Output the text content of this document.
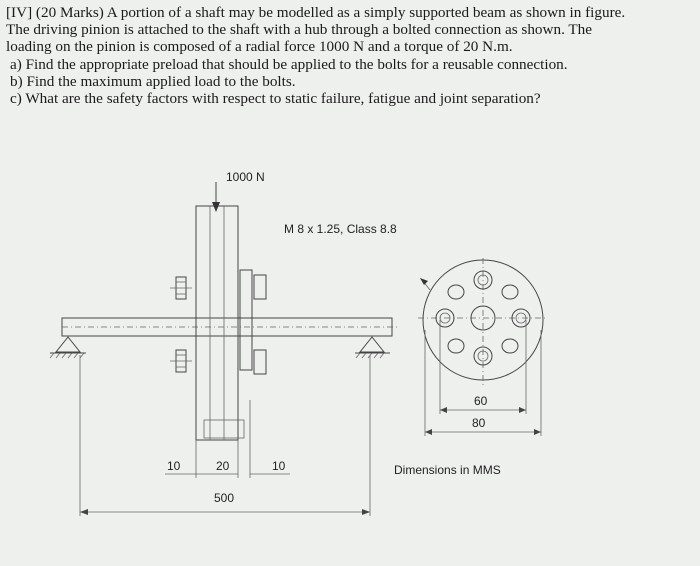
[IV] (20 Marks) A portion of a shaft may be modelled as a simply supported beam as shown in figure.

The driving pinion is attached to the shaft with a hub through a bolted connection as shown. The

loading on the pinion is composed of a radial force 1000 N and a torque of 20 N.m.

a) Find the appropriate preload that should be applied to the bolts for a reusable connection.

b) Find the maximum applied load to the bolts.

c) What are the safety factors with respect to static failure, fatigue and joint separation?

1000 N
M 8 x 1.25, Class 8.8
10	20	10
500
60
80
Dimensions in MMS
